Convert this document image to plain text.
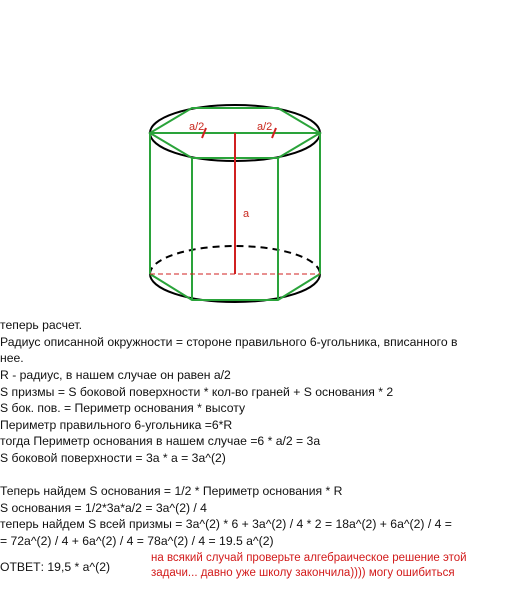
a/2	a/2
a
теперь расчет.
Радиус описанной окружности = стороне правильного 6-угольника, вписанного в
нее.
R - радиус, в нашем случае он равен a/2
S призмы = S боковой поверхности * кол-во граней + S основания * 2
S бок. пов. = Периметр основания * высоту
Периметр правильного 6-угольника =6*R
тогда Периметр основания в нашем случае =6 * a/2 = 3a
S боковой поверхности = 3a * a = 3a^(2)
Теперь найдем S основания = 1/2 * Периметр основания * R
S основания = 1/2*3a*a/2 = 3a^(2) / 4
теперь найдем S всей призмы = 3a^(2) * 6 + 3a^(2) / 4 * 2 = 18a^(2) + 6a^(2) / 4 =
= 72a^(2) / 4 + 6a^(2) / 4 = 78a^(2) / 4 = 19.5 a^(2)
ОТВЕТ: 19,5 * a^(2)
на всякий случай проверьте алгебраическое решение этой задачи... давно уже школу закончила)))) могу ошибиться
